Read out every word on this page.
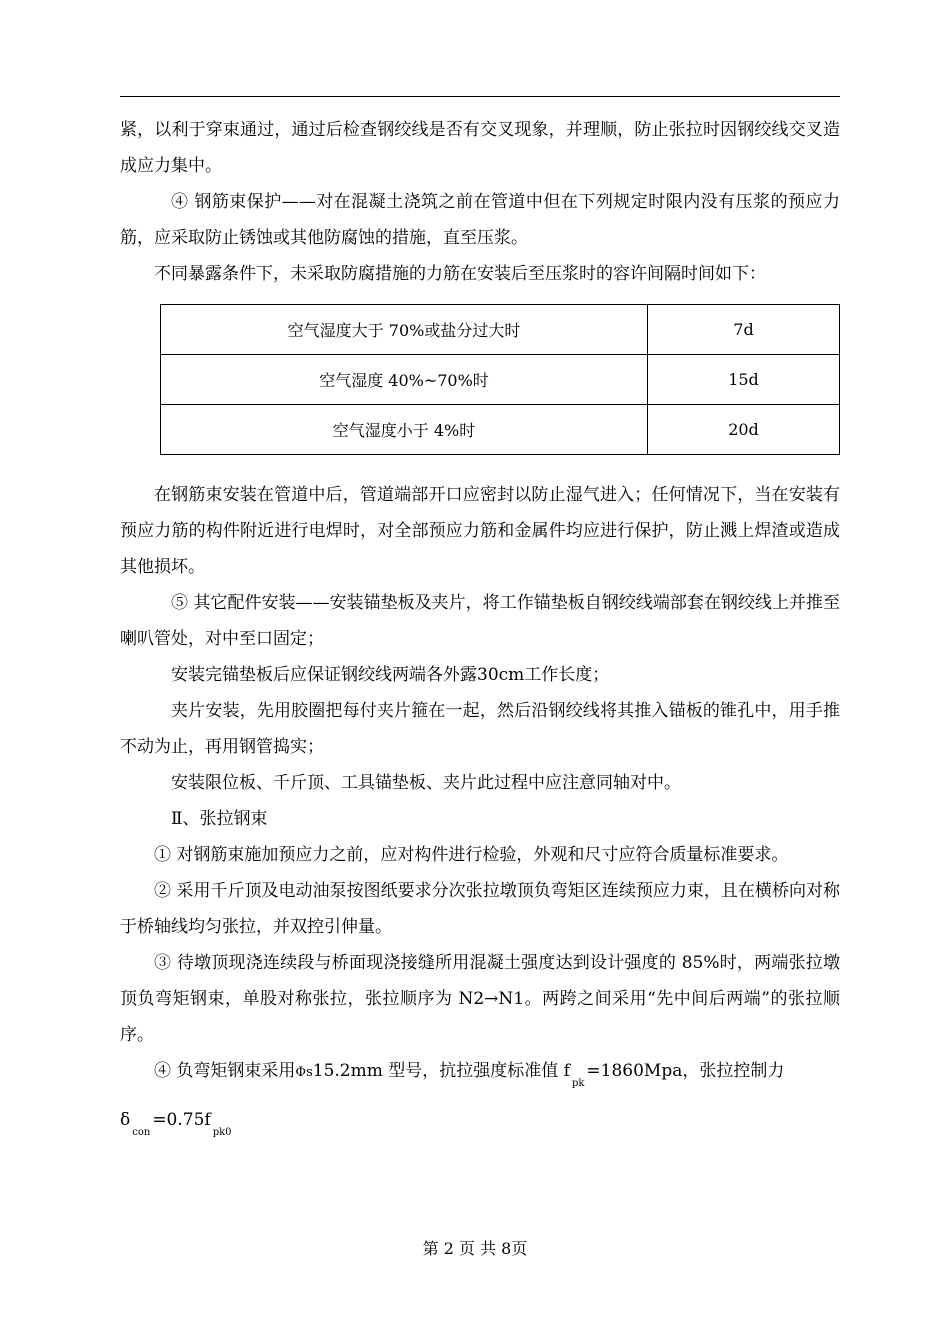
紧，以利于穿束通过，通过后检查钢绞线是否有交叉现象，并理顺，防止张拉时因钢绞线交叉造成应力集中。

④ 钢筋束保护——对在混凝土浇筑之前在管道中但在下列规定时限内没有压浆的预应力筋，应采取防止锈蚀或其他防腐蚀的措施，直至压浆。

不同暴露条件下，未采取防腐措施的力筋在安装后至压浆时的容许间隔时间如下：

空气湿度大于 70%或盐分过大时	7d
空气湿度 40%~70%时	15d
空气湿度小于 4%时	20d

在钢筋束安装在管道中后，管道端部开口应密封以防止湿气进入；任何情况下，当在安装有预应力筋的构件附近进行电焊时，对全部预应力筋和金属件均应进行保护，防止溅上焊渣或造成其他损坏。

⑤ 其它配件安装——安装锚垫板及夹片，将工作锚垫板自钢绞线端部套在钢绞线上并推至喇叭管处，对中至口固定；

安装完锚垫板后应保证钢绞线两端各外露30cm工作长度；

夹片安装，先用胶圈把每付夹片箍在一起，然后沿钢绞线将其推入锚板的锥孔中，用手推不动为止，再用钢管捣实；

安装限位板、千斤顶、工具锚垫板、夹片此过程中应注意同轴对中。

Ⅱ、张拉钢束

① 对钢筋束施加预应力之前，应对构件进行检验，外观和尺寸应符合质量标准要求。

② 采用千斤顶及电动油泵按图纸要求分次张拉墩顶负弯矩区连续预应力束，且在横桥向对称于桥轴线均匀张拉，并双控引伸量。

③ 待墩顶现浇连续段与桥面现浇接缝所用混凝土强度达到设计强度的 85%时，两端张拉墩顶负弯矩钢束，单股对称张拉，张拉顺序为 N2→N1。两跨之间采用“先中间后两端”的张拉顺序。

④ 负弯矩钢束采用Φs15.2mm 型号，抗拉强度标准值 $f_{pk}=1860Mpa$，张拉控制力

$\delta_{con}=0.75f_{pk0}$

第 2 页 共 8页
